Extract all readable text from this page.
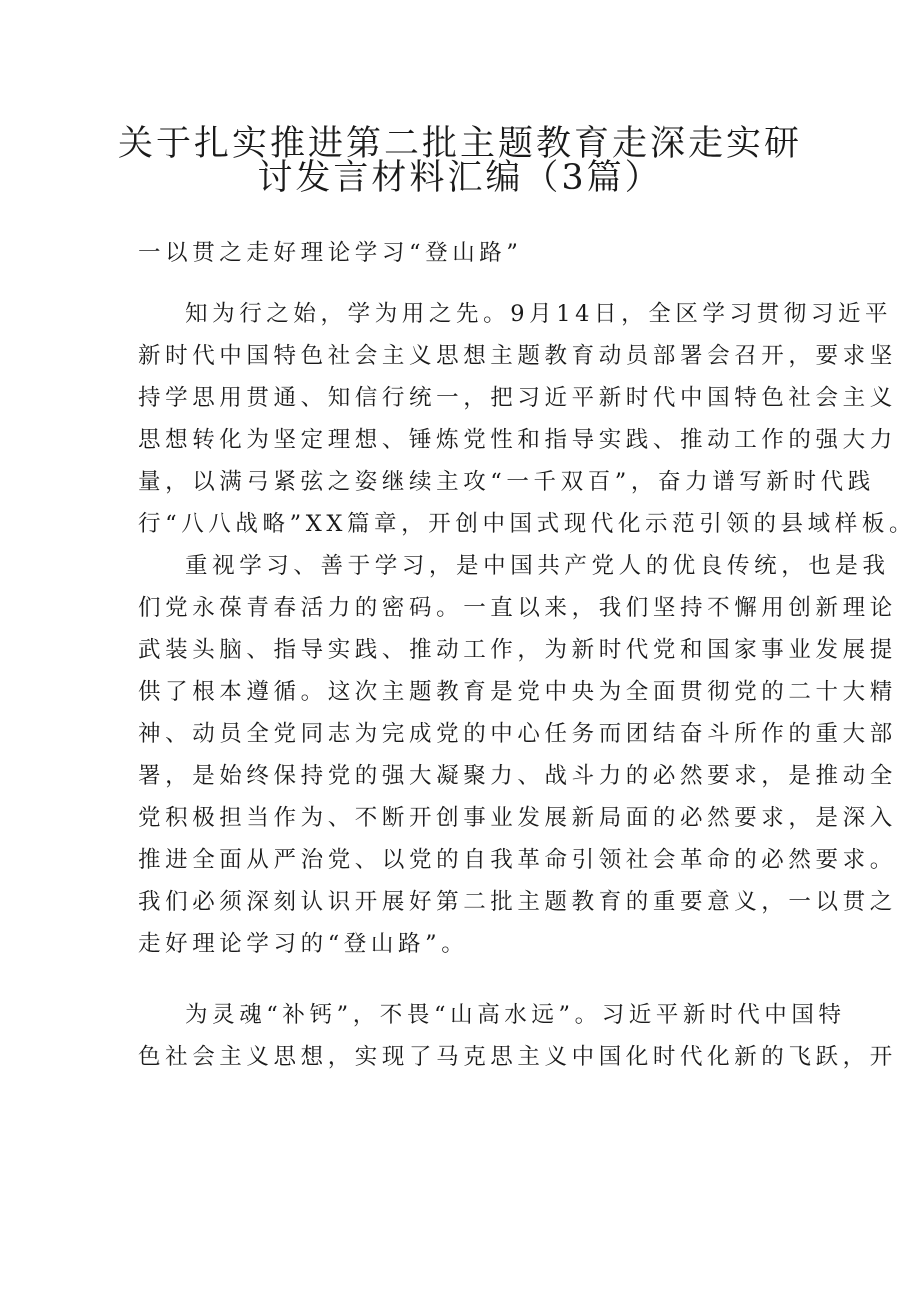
关于扎实推进第二批主题教育走深走实研
讨发言材料汇编（3篇）
一以贯之走好理论学习“登山路”
知为行之始，学为用之先。9月14日，全区学习贯彻习近平
新时代中国特色社会主义思想主题教育动员部署会召开，要求坚
持学思用贯通、知信行统一，把习近平新时代中国特色社会主义
思想转化为坚定理想、锤炼党性和指导实践、推动工作的强大力
量，以满弓紧弦之姿继续主攻“一千双百”，奋力谱写新时代践
行“八八战略”XX篇章，开创中国式现代化示范引领的县域样板。
重视学习、善于学习，是中国共产党人的优良传统，也是我
们党永葆青春活力的密码。一直以来，我们坚持不懈用创新理论
武装头脑、指导实践、推动工作，为新时代党和国家事业发展提
供了根本遵循。这次主题教育是党中央为全面贯彻党的二十大精
神、动员全党同志为完成党的中心任务而团结奋斗所作的重大部
署，是始终保持党的强大凝聚力、战斗力的必然要求，是推动全
党积极担当作为、不断开创事业发展新局面的必然要求，是深入
推进全面从严治党、以党的自我革命引领社会革命的必然要求。
我们必须深刻认识开展好第二批主题教育的重要意义，一以贯之
走好理论学习的“登山路”。
为灵魂“补钙”，不畏“山高水远”。习近平新时代中国特
色社会主义思想，实现了马克思主义中国化时代化新的飞跃，开
